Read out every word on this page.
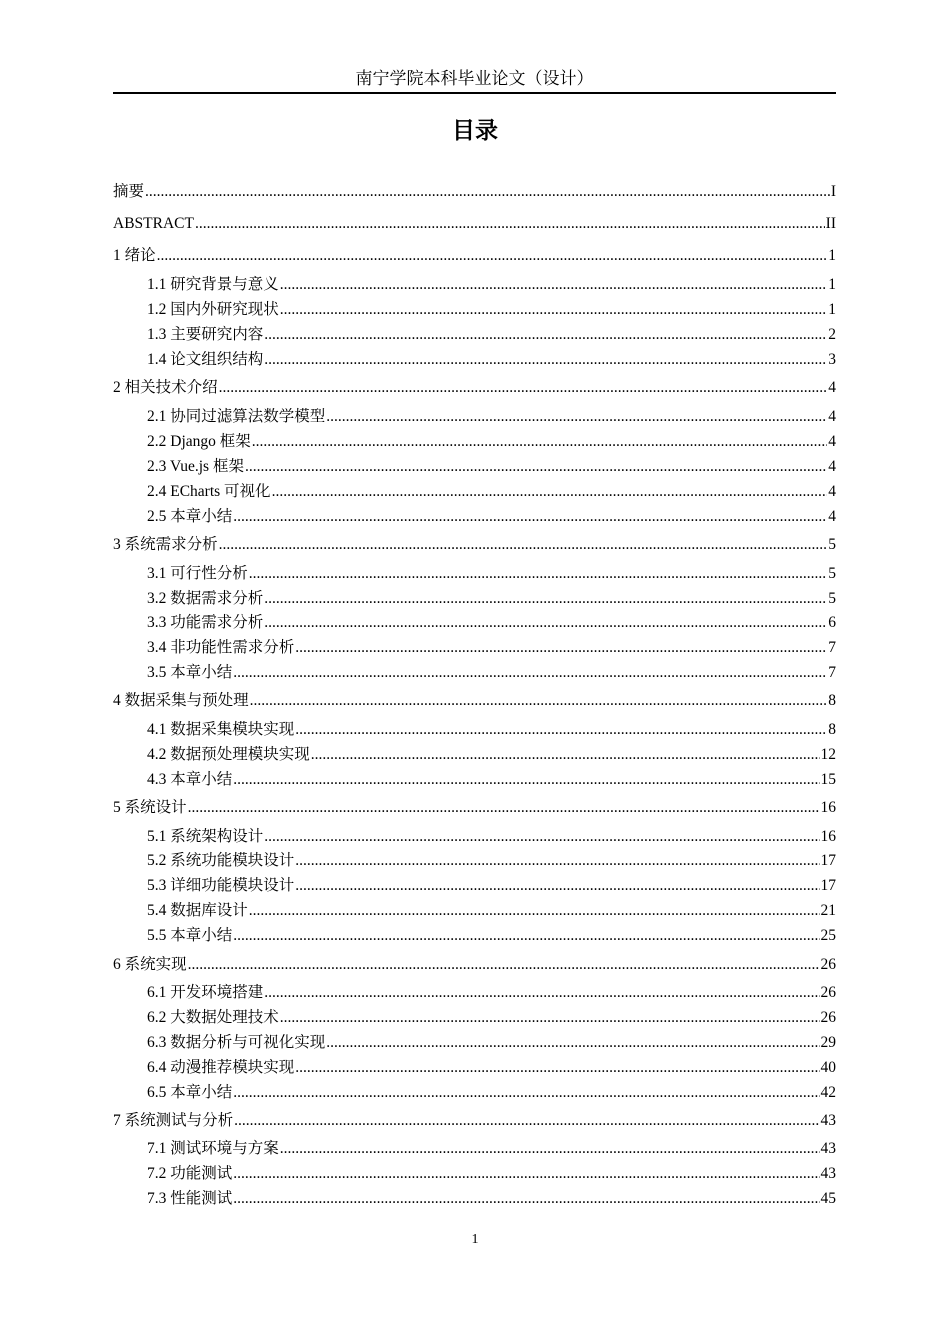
南宁学院本科毕业论文（设计）
目录
摘要 .....	I
ABSTRACT .....	II
1 绪论 .....	1
1.1 研究背景与意义 .....	1
1.2 国内外研究现状 .....	1
1.3 主要研究内容 .....	2
1.4 论文组织结构 .....	3
2 相关技术介绍 .....	4
2.1 协同过滤算法数学模型 .....	4
2.2 Django 框架 .....	4
2.3 Vue.js 框架 .....	4
2.4 ECharts 可视化 .....	4
2.5 本章小结 .....	4
3 系统需求分析 .....	5
3.1 可行性分析 .....	5
3.2 数据需求分析 .....	5
3.3 功能需求分析 .....	6
3.4 非功能性需求分析 .....	7
3.5 本章小结 .....	7
4 数据采集与预处理 .....	8
4.1 数据采集模块实现 .....	8
4.2 数据预处理模块实现 .....	12
4.3 本章小结 .....	15
5 系统设计 .....	16
5.1 系统架构设计 .....	16
5.2 系统功能模块设计 .....	17
5.3 详细功能模块设计 .....	17
5.4 数据库设计 .....	21
5.5 本章小结 .....	25
6 系统实现 .....	26
6.1 开发环境搭建 .....	26
6.2 大数据处理技术 .....	26
6.3 数据分析与可视化实现 .....	29
6.4 动漫推荐模块实现 .....	40
6.5 本章小结 .....	42
7 系统测试与分析 .....	43
7.1 测试环境与方案 .....	43
7.2 功能测试 .....	43
7.3 性能测试 .....	45
1
